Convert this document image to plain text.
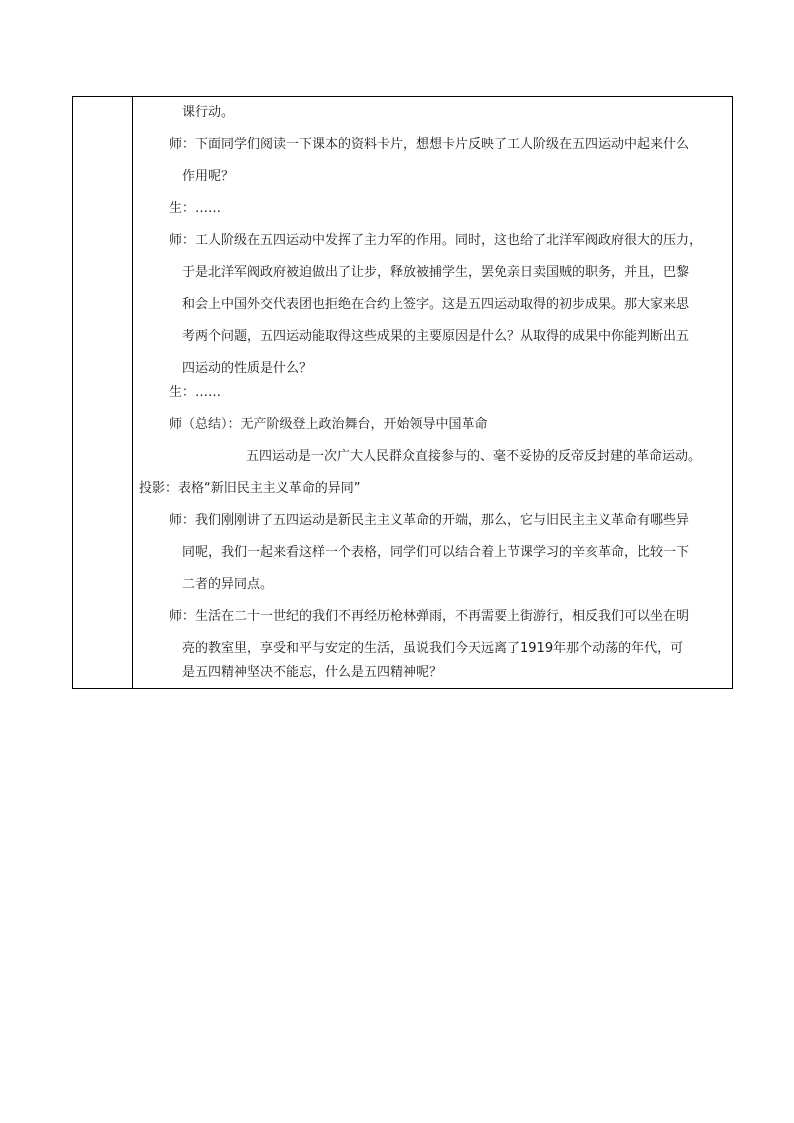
课行动。
师：下面同学们阅读一下课本的资料卡片，想想卡片反映了工人阶级在五四运动中起来什么
作用呢？
生：……
师：工人阶级在五四运动中发挥了主力军的作用。同时，这也给了北洋军阀政府很大的压力，
于是北洋军阀政府被迫做出了让步，释放被捕学生，罢免亲日卖国贼的职务，并且，巴黎
和会上中国外交代表团也拒绝在合约上签字。这是五四运动取得的初步成果。那大家来思
考两个问题，五四运动能取得这些成果的主要原因是什么？从取得的成果中你能判断出五
四运动的性质是什么？
生：……
师（总结）：无产阶级登上政治舞台，开始领导中国革命
五四运动是一次广大人民群众直接参与的、毫不妥协的反帝反封建的革命运动。
投影：表格“新旧民主主义革命的异同”
师：我们刚刚讲了五四运动是新民主主义革命的开端，那么，它与旧民主主义革命有哪些异
同呢，我们一起来看这样一个表格，同学们可以结合着上节课学习的辛亥革命，比较一下
二者的异同点。
师：生活在二十一世纪的我们不再经历枪林弹雨，不再需要上街游行，相反我们可以坐在明
亮的教室里，享受和平与安定的生活，虽说我们今天远离了1919年那个动荡的年代，可
是五四精神坚决不能忘，什么是五四精神呢？
